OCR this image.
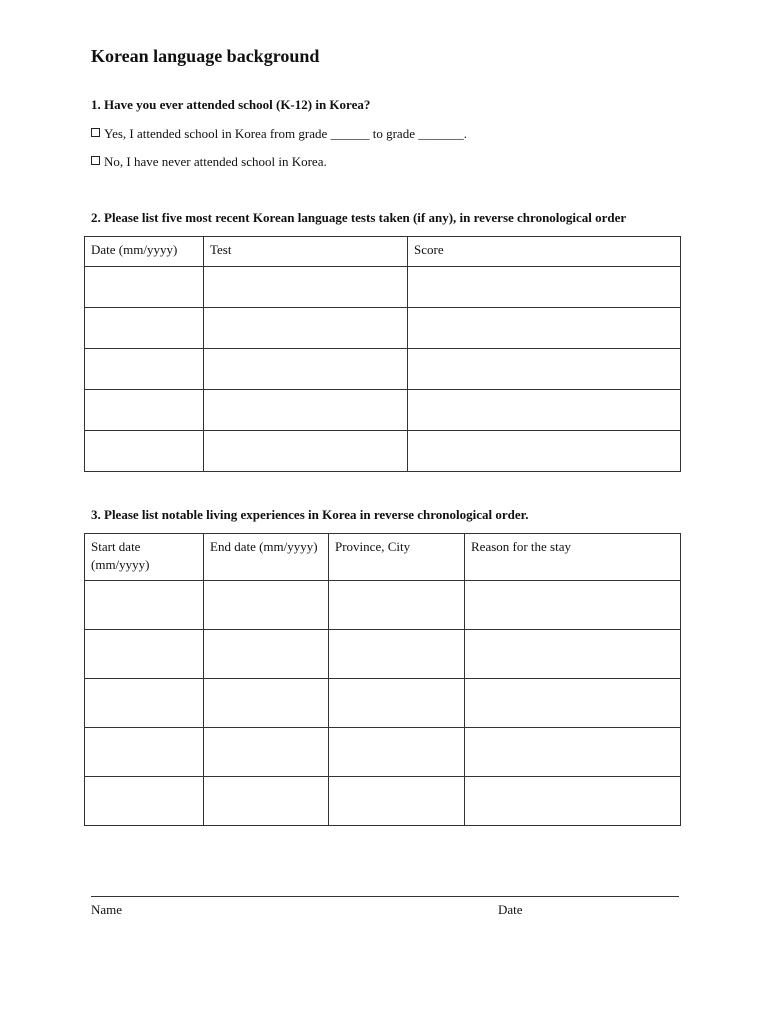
Korean language background

1. Have you ever attended school (K-12) in Korea?

Yes, I attended school in Korea from grade ______ to grade _______.
No, I have never attended school in Korea.

2. Please list five most recent Korean language tests taken (if any), in reverse chronological order

Date (mm/yyyy)	Test	Score

3. Please list notable living experiences in Korea in reverse chronological order.

Start date (mm/yyyy)	End date (mm/yyyy)	Province, City	Reason for the stay

Name	Date
